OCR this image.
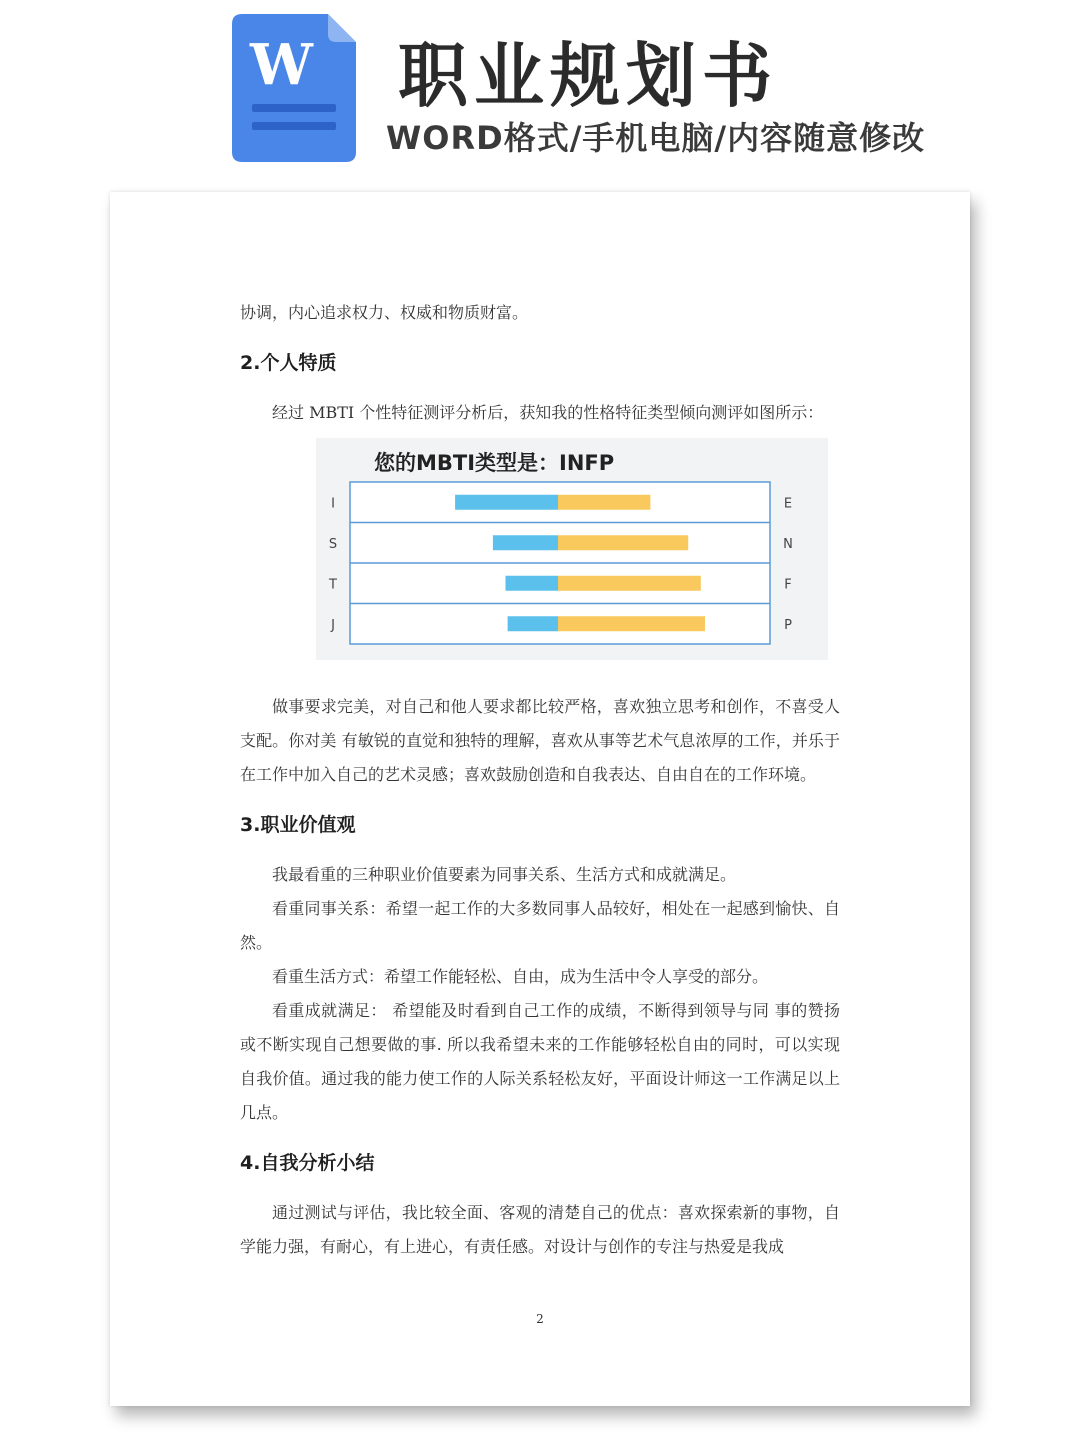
W 职业规划书
WORD格式/手机电脑/内容随意修改

协调，内心追求权力、权威和物质财富。

2.个人特质

经过 MBTI 个性特征测评分析后，获知我的性格特征类型倾向测评如图所示：

I	E
S	N
T	F
J	P
您的MBTI类型是：INFP

做事要求完美，对自己和他人要求都比较严格，喜欢独立思考和创作，不喜受人支配。你对美 有敏锐的直觉和独特的理解，喜欢从事等艺术气息浓厚的工作，并乐于在工作中加入自己的艺术灵感；喜欢鼓励创造和自我表达、自由自在的工作环境。

3.职业价值观

我最看重的三种职业价值要素为同事关系、生活方式和成就满足。

看重同事关系：希望一起工作的大多数同事人品较好，相处在一起感到愉快、自然。

看重生活方式：希望工作能轻松、自由，成为生活中令人享受的部分。

看重成就满足： 希望能及时看到自己工作的成绩，不断得到领导与同 事的赞扬或不断实现自己想要做的事. 所以我希望未来的工作能够轻松自由的同时，可以实现自我价值。通过我的能力使工作的人际关系轻松友好，平面设计师这一工作满足以上几点。

4.自我分析小结

通过测试与评估，我比较全面、客观的清楚自己的优点：喜欢探索新的事物，自学能力强，有耐心，有上进心，有责任感。对设计与创作的专注与热爱是我成

2
